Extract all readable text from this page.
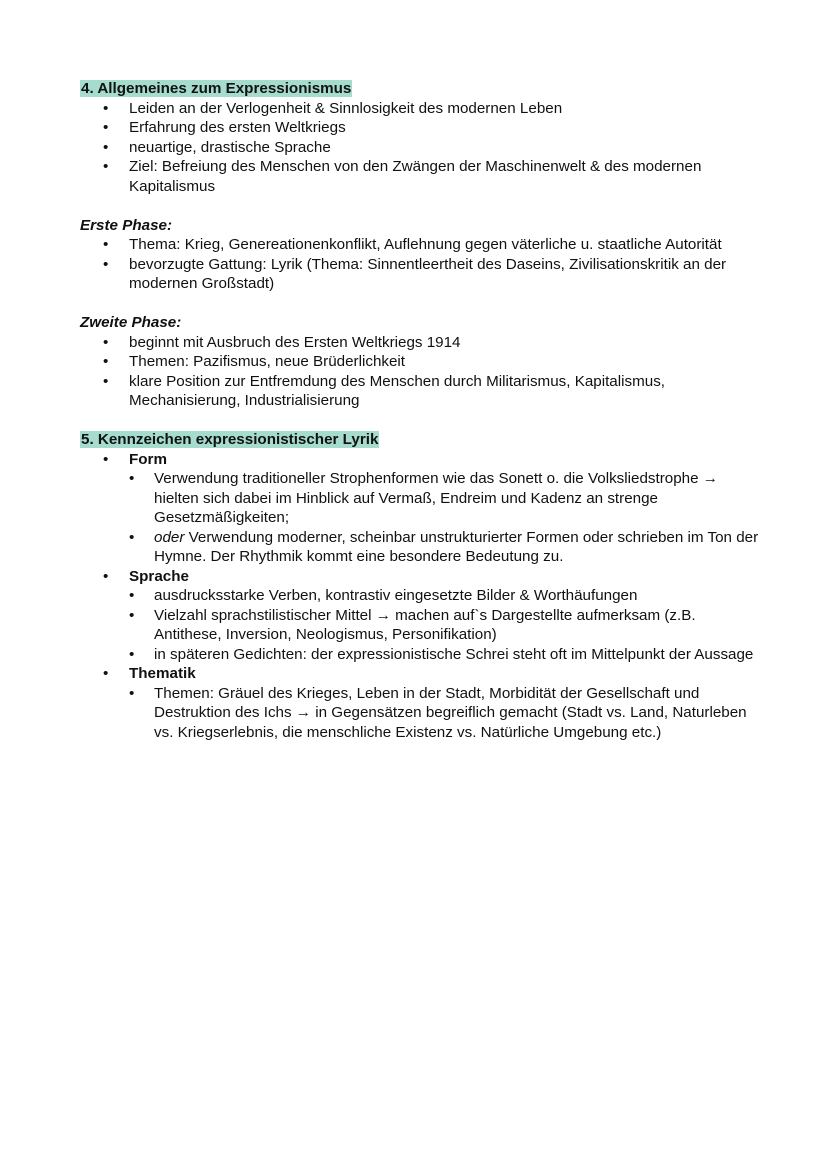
4. Allgemeines zum Expressionismus

• Leiden an der Verlogenheit & Sinnlosigkeit des modernen Leben
• Erfahrung des ersten Weltkriegs
• neuartige, drastische Sprache
• Ziel: Befreiung des Menschen von den Zwängen der Maschinenwelt & des modernen Kapitalismus

Erste Phase:

• Thema: Krieg, Genereationenkonflikt, Auflehnung gegen väterliche u. staatliche Autorität
• bevorzugte Gattung: Lyrik (Thema: Sinnentleertheit des Daseins, Zivilisationskritik an der modernen Großstadt)

Zweite Phase:

• beginnt mit Ausbruch des Ersten Weltkriegs 1914
• Themen: Pazifismus, neue Brüderlichkeit
• klare Position zur Entfremdung des Menschen durch Militarismus, Kapitalismus, Mechanisierung, Industrialisierung

5. Kennzeichen expressionistischer Lyrik

• Form
• Verwendung traditioneller Strophenformen wie das Sonett o. die Volksliedstrophe → hielten sich dabei im Hinblick auf Vermaß, Endreim und Kadenz an strenge Gesetzmäßigkeiten;
• oder Verwendung moderner, scheinbar unstrukturierter Formen oder schrieben im Ton der Hymne. Der Rhythmik kommt eine besondere Bedeutung zu.
• Sprache
• ausdrucksstarke Verben, kontrastiv eingesetzte Bilder & Worthäufungen
• Vielzahl sprachstilistischer Mittel → machen auf`s Dargestellte aufmerksam (z.B. Antithese, Inversion, Neologismus, Personifikation)
• in späteren Gedichten: der expressionistische Schrei steht oft im Mittelpunkt der Aussage
• Thematik
• Themen: Gräuel des Krieges, Leben in der Stadt, Morbidität der Gesellschaft und Destruktion des Ichs → in Gegensätzen begreiflich gemacht (Stadt vs. Land, Naturleben vs. Kriegserlebnis, die menschliche Existenz vs. Natürliche Umgebung etc.)
